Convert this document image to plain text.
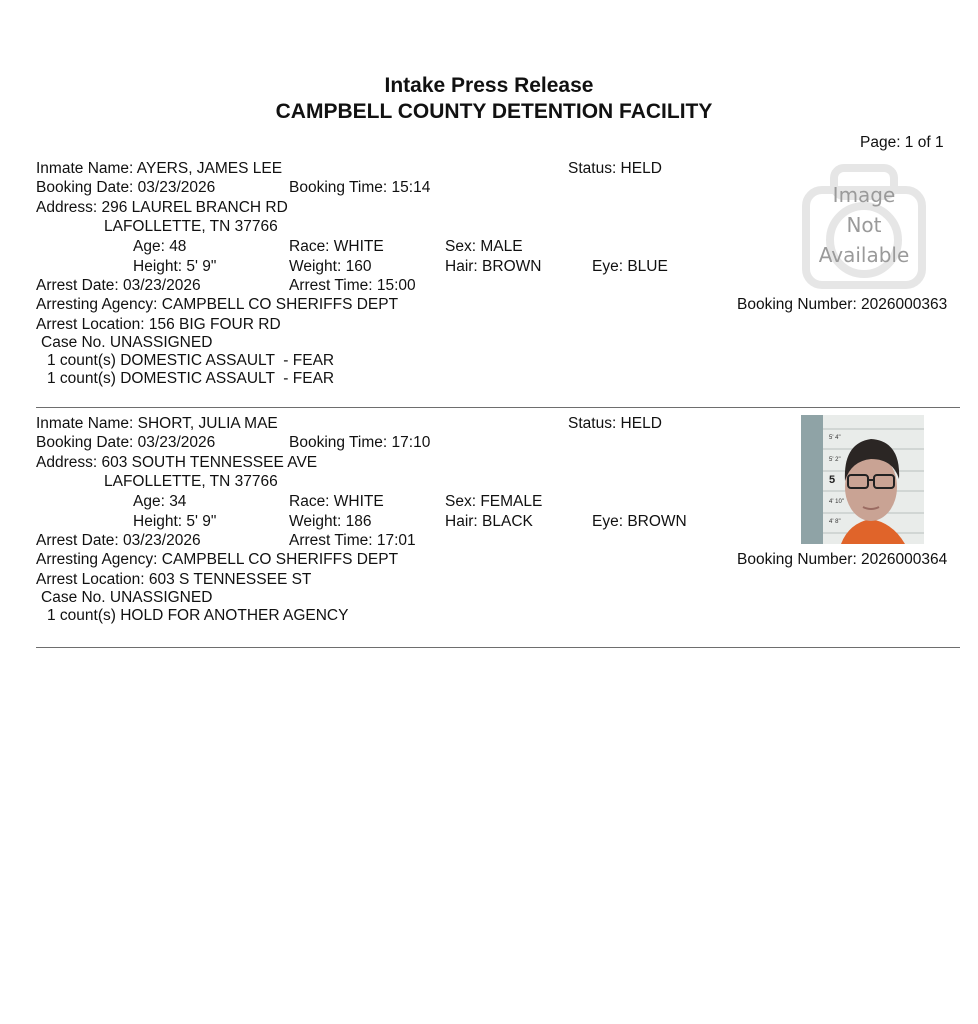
Intake Press Release
CAMPBELL COUNTY DETENTION FACILITY
Page: 1 of 1
Inmate Name: AYERS, JAMES LEE	Status: HELD
Booking Date: 03/23/2026	Booking Time: 15:14
Address: 296 LAUREL BRANCH RD
LAFOLLETTE, TN 37766
Age: 48	Race: WHITE	Sex: MALE
Height: 5' 9"	Weight: 160	Hair: BROWN	Eye: BLUE
Arrest Date: 03/23/2026	Arrest Time: 15:00
Arresting Agency: CAMPBELL CO SHERIFFS DEPT	Booking Number: 2026000363
Arrest Location: 156 BIG FOUR RD
Case No. UNASSIGNED
1 count(s) DOMESTIC ASSAULT  - FEAR
1 count(s) DOMESTIC ASSAULT  - FEAR
Image
Not
Available
Inmate Name: SHORT, JULIA MAE	Status: HELD
Booking Date: 03/23/2026	Booking Time: 17:10
Address: 603 SOUTH TENNESSEE AVE
LAFOLLETTE, TN 37766
Age: 34	Race: WHITE	Sex: FEMALE
Height: 5' 9"	Weight: 186	Hair: BLACK	Eye: BROWN
Arrest Date: 03/23/2026	Arrest Time: 17:01
Arresting Agency: CAMPBELL CO SHERIFFS DEPT	Booking Number: 2026000364
Arrest Location: 603 S TENNESSEE ST
Case No. UNASSIGNED
1 count(s) HOLD FOR ANOTHER AGENCY
5' 4"
5' 2"
5
4' 10"
4' 8"
